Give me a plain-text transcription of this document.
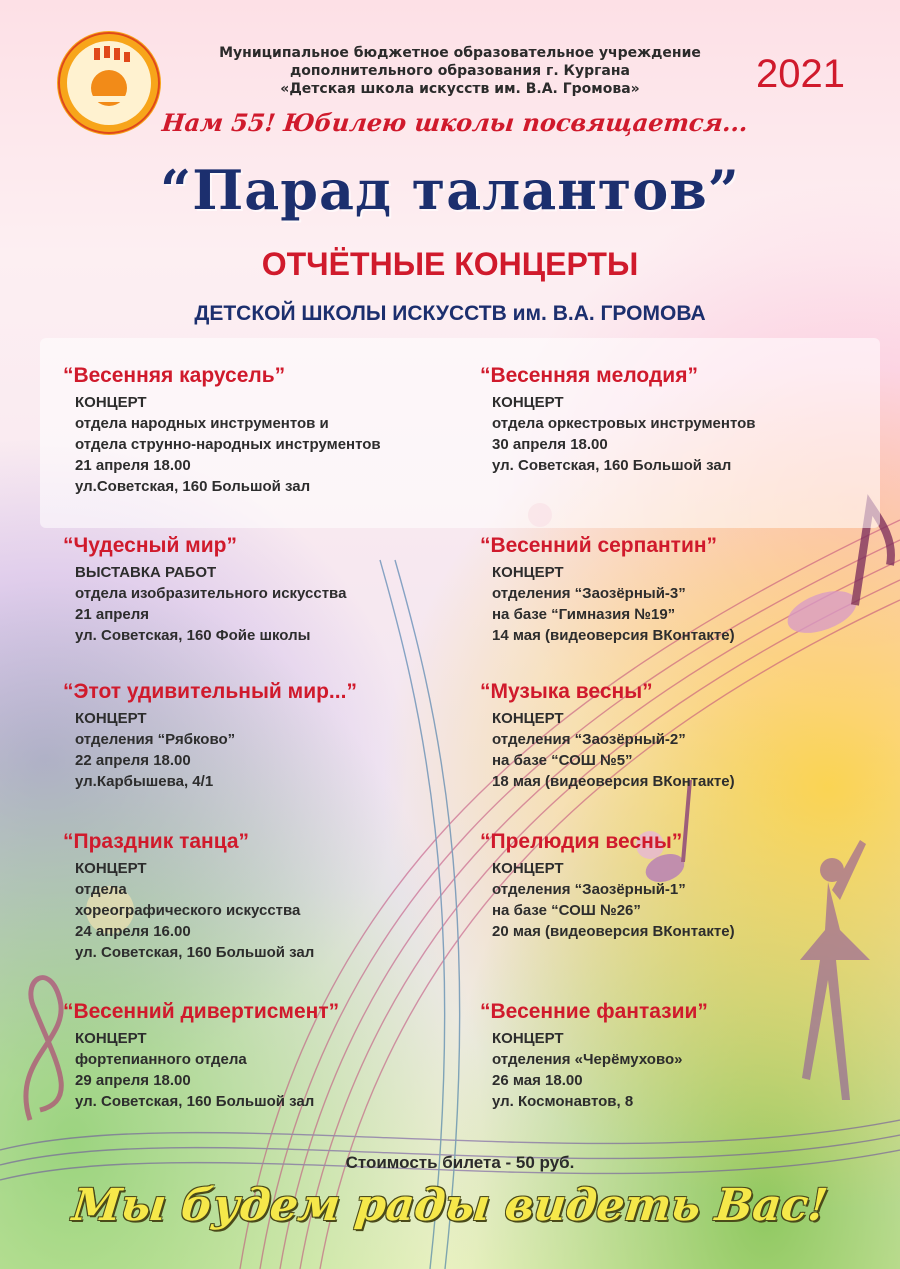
Муниципальное бюджетное образовательное учреждение
дополнительного образования г. Кургана
«Детская школа искусств им. В.А. Громова»	2021
Нам 55! Юбилею школы посвящается...
“Парад талантов”
ОТЧЁТНЫЕ КОНЦЕРТЫ
ДЕТСКОЙ ШКОЛЫ ИСКУССТВ им. В.А. ГРОМОВА
“Весенняя карусель”
КОНЦЕРТ
отдела народных инструментов и
отдела струнно-народных инструментов
21 апреля 18.00
ул.Советская, 160 Большой зал
“Чудесный мир”
ВЫСТАВКА РАБОТ
отдела изобразительного искусства
21 апреля
ул. Советская, 160 Фойе школы
“Этот удивительный мир...”
КОНЦЕРТ
отделения “Рябково”
22 апреля 18.00
ул.Карбышева, 4/1
“Праздник танца”
КОНЦЕРТ
отдела
хореографического искусства
24 апреля 16.00
ул. Советская, 160 Большой зал
“Весенний дивертисмент”
КОНЦЕРТ
фортепианного отдела
29 апреля 18.00
ул. Советская, 160 Большой зал
“Весенняя мелодия”
КОНЦЕРТ
отдела оркестровых инструментов
30 апреля 18.00
ул. Советская, 160 Большой зал
“Весенний серпантин”
КОНЦЕРТ
отделения “Заозёрный-3”
на базе “Гимназия №19”
14 мая (видеоверсия ВКонтакте)
“Музыка весны”
КОНЦЕРТ
отделения “Заозёрный-2”
на базе “СОШ №5”
18 мая (видеоверсия ВКонтакте)
“Прелюдия весны”
КОНЦЕРТ
отделения “Заозёрный-1”
на базе “СОШ №26”
20 мая (видеоверсия ВКонтакте)
“Весенние фантазии”
КОНЦЕРТ
отделения «Черёмухово»
26 мая 18.00
ул. Космонавтов, 8
Стоимость билета - 50 руб.
Мы будем рады видеть Вас!
